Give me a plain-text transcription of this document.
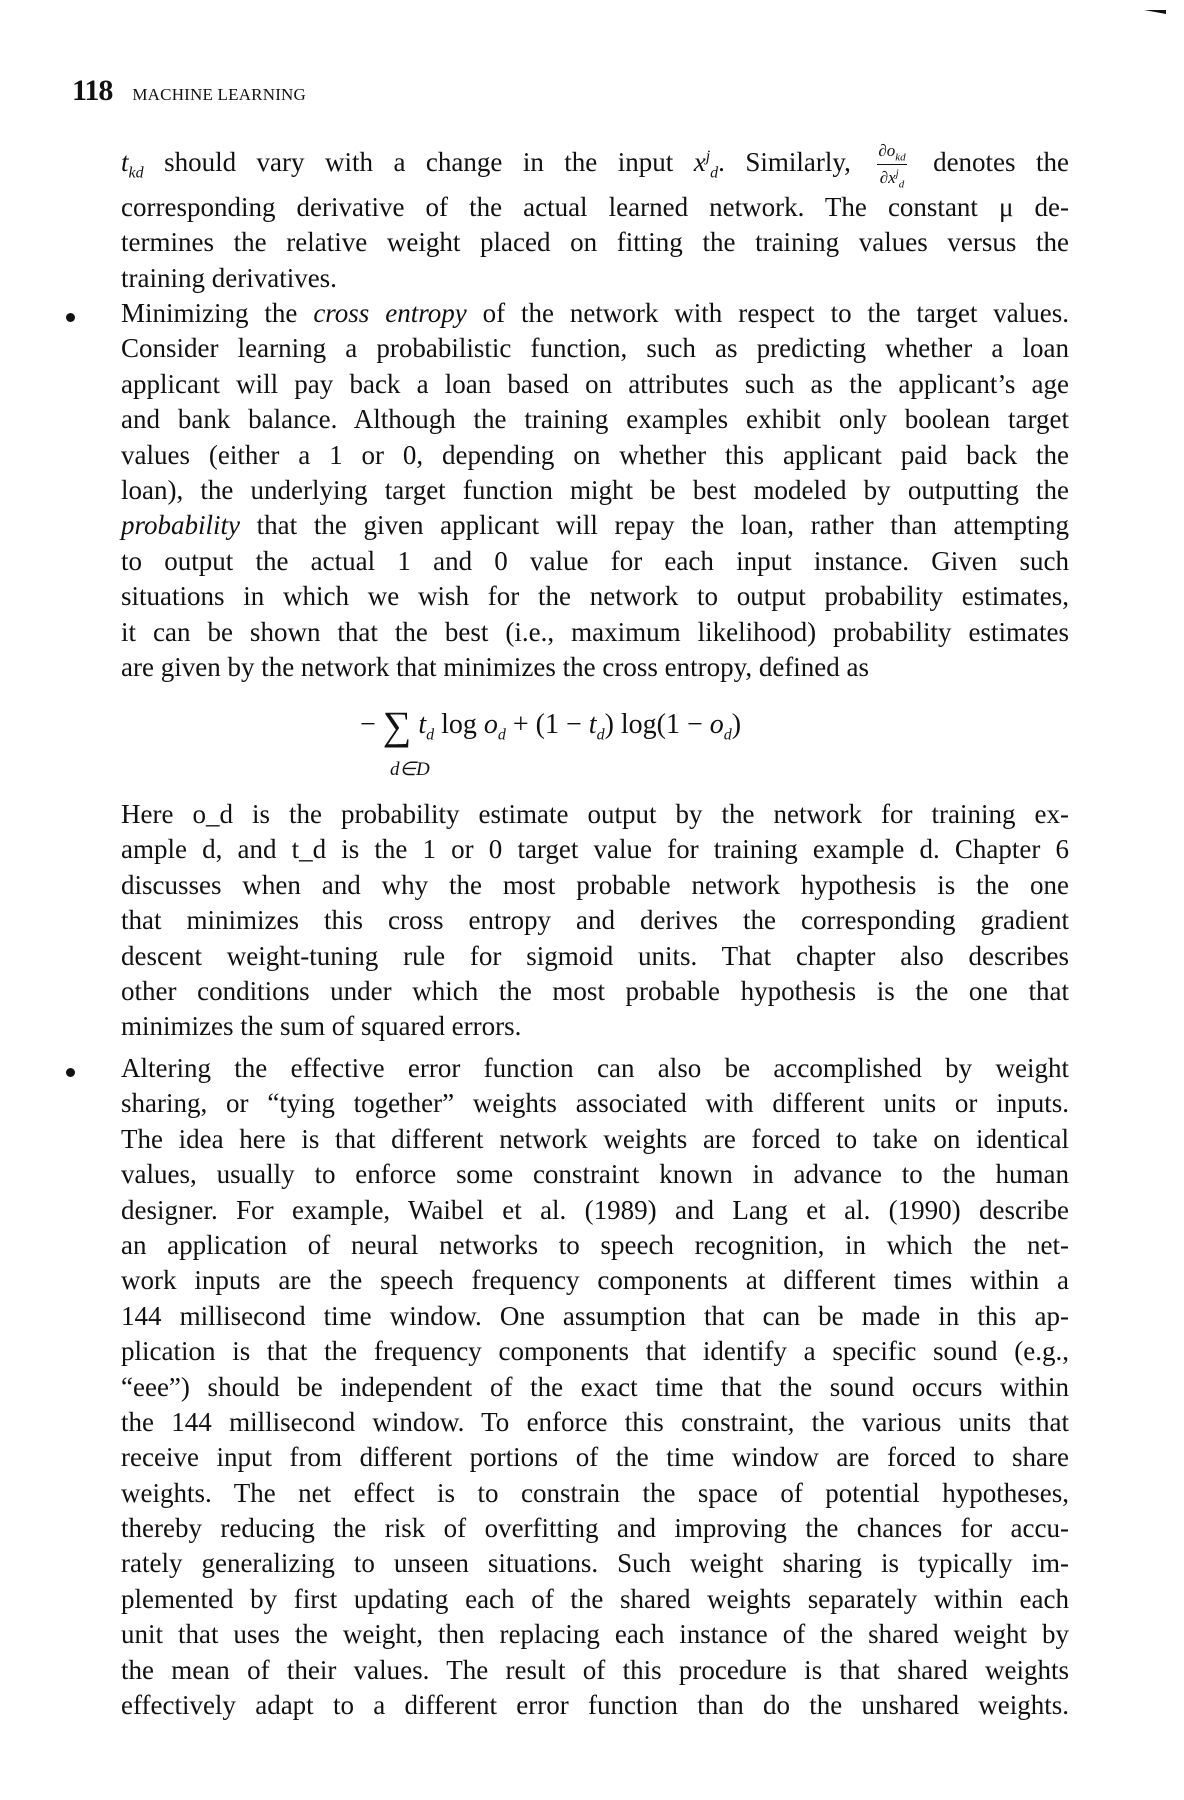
118 MACHINE LEARNING
$t_{kd}$ should vary with a change in the input $x^j_d$. Similarly, $\frac{\partial o_{kd}}{\partial x^j_d}$ denotes the
corresponding derivative of the actual learned network. The constant μ de-
termines the relative weight placed on fitting the training values versus the
training derivatives.
Minimizing the cross entropy of the network with respect to the target values.
Consider learning a probabilistic function, such as predicting whether a loan
applicant will pay back a loan based on attributes such as the applicant’s age
and bank balance. Although the training examples exhibit only boolean target
values (either a 1 or 0, depending on whether this applicant paid back the
loan), the underlying target function might be best modeled by outputting the
probability that the given applicant will repay the loan, rather than attempting
to output the actual 1 and 0 value for each input instance. Given such
situations in which we wish for the network to output probability estimates,
it can be shown that the best (i.e., maximum likelihood) probability estimates
are given by the network that minimizes the cross entropy, defined as
− ∑
d∈D
$t_d$ $\log o_d + (1 - t_d) \log(1 - o_d)$
Here o_d is the probability estimate output by the network for training ex-
ample d, and t_d is the 1 or 0 target value for training example d. Chapter 6
discusses when and why the most probable network hypothesis is the one
that minimizes this cross entropy and derives the corresponding gradient
descent weight-tuning rule for sigmoid units. That chapter also describes
other conditions under which the most probable hypothesis is the one that
minimizes the sum of squared errors.
Altering the effective error function can also be accomplished by weight
sharing, or “tying together” weights associated with different units or inputs.
The idea here is that different network weights are forced to take on identical
values, usually to enforce some constraint known in advance to the human
designer. For example, Waibel et al. (1989) and Lang et al. (1990) describe
an application of neural networks to speech recognition, in which the net-
work inputs are the speech frequency components at different times within a
144 millisecond time window. One assumption that can be made in this ap-
plication is that the frequency components that identify a specific sound (e.g.,
“eee”) should be independent of the exact time that the sound occurs within
the 144 millisecond window. To enforce this constraint, the various units that
receive input from different portions of the time window are forced to share
weights. The net effect is to constrain the space of potential hypotheses,
thereby reducing the risk of overfitting and improving the chances for accu-
rately generalizing to unseen situations. Such weight sharing is typically im-
plemented by first updating each of the shared weights separately within each
unit that uses the weight, then replacing each instance of the shared weight by
the mean of their values. The result of this procedure is that shared weights
effectively adapt to a different error function than do the unshared weights.
